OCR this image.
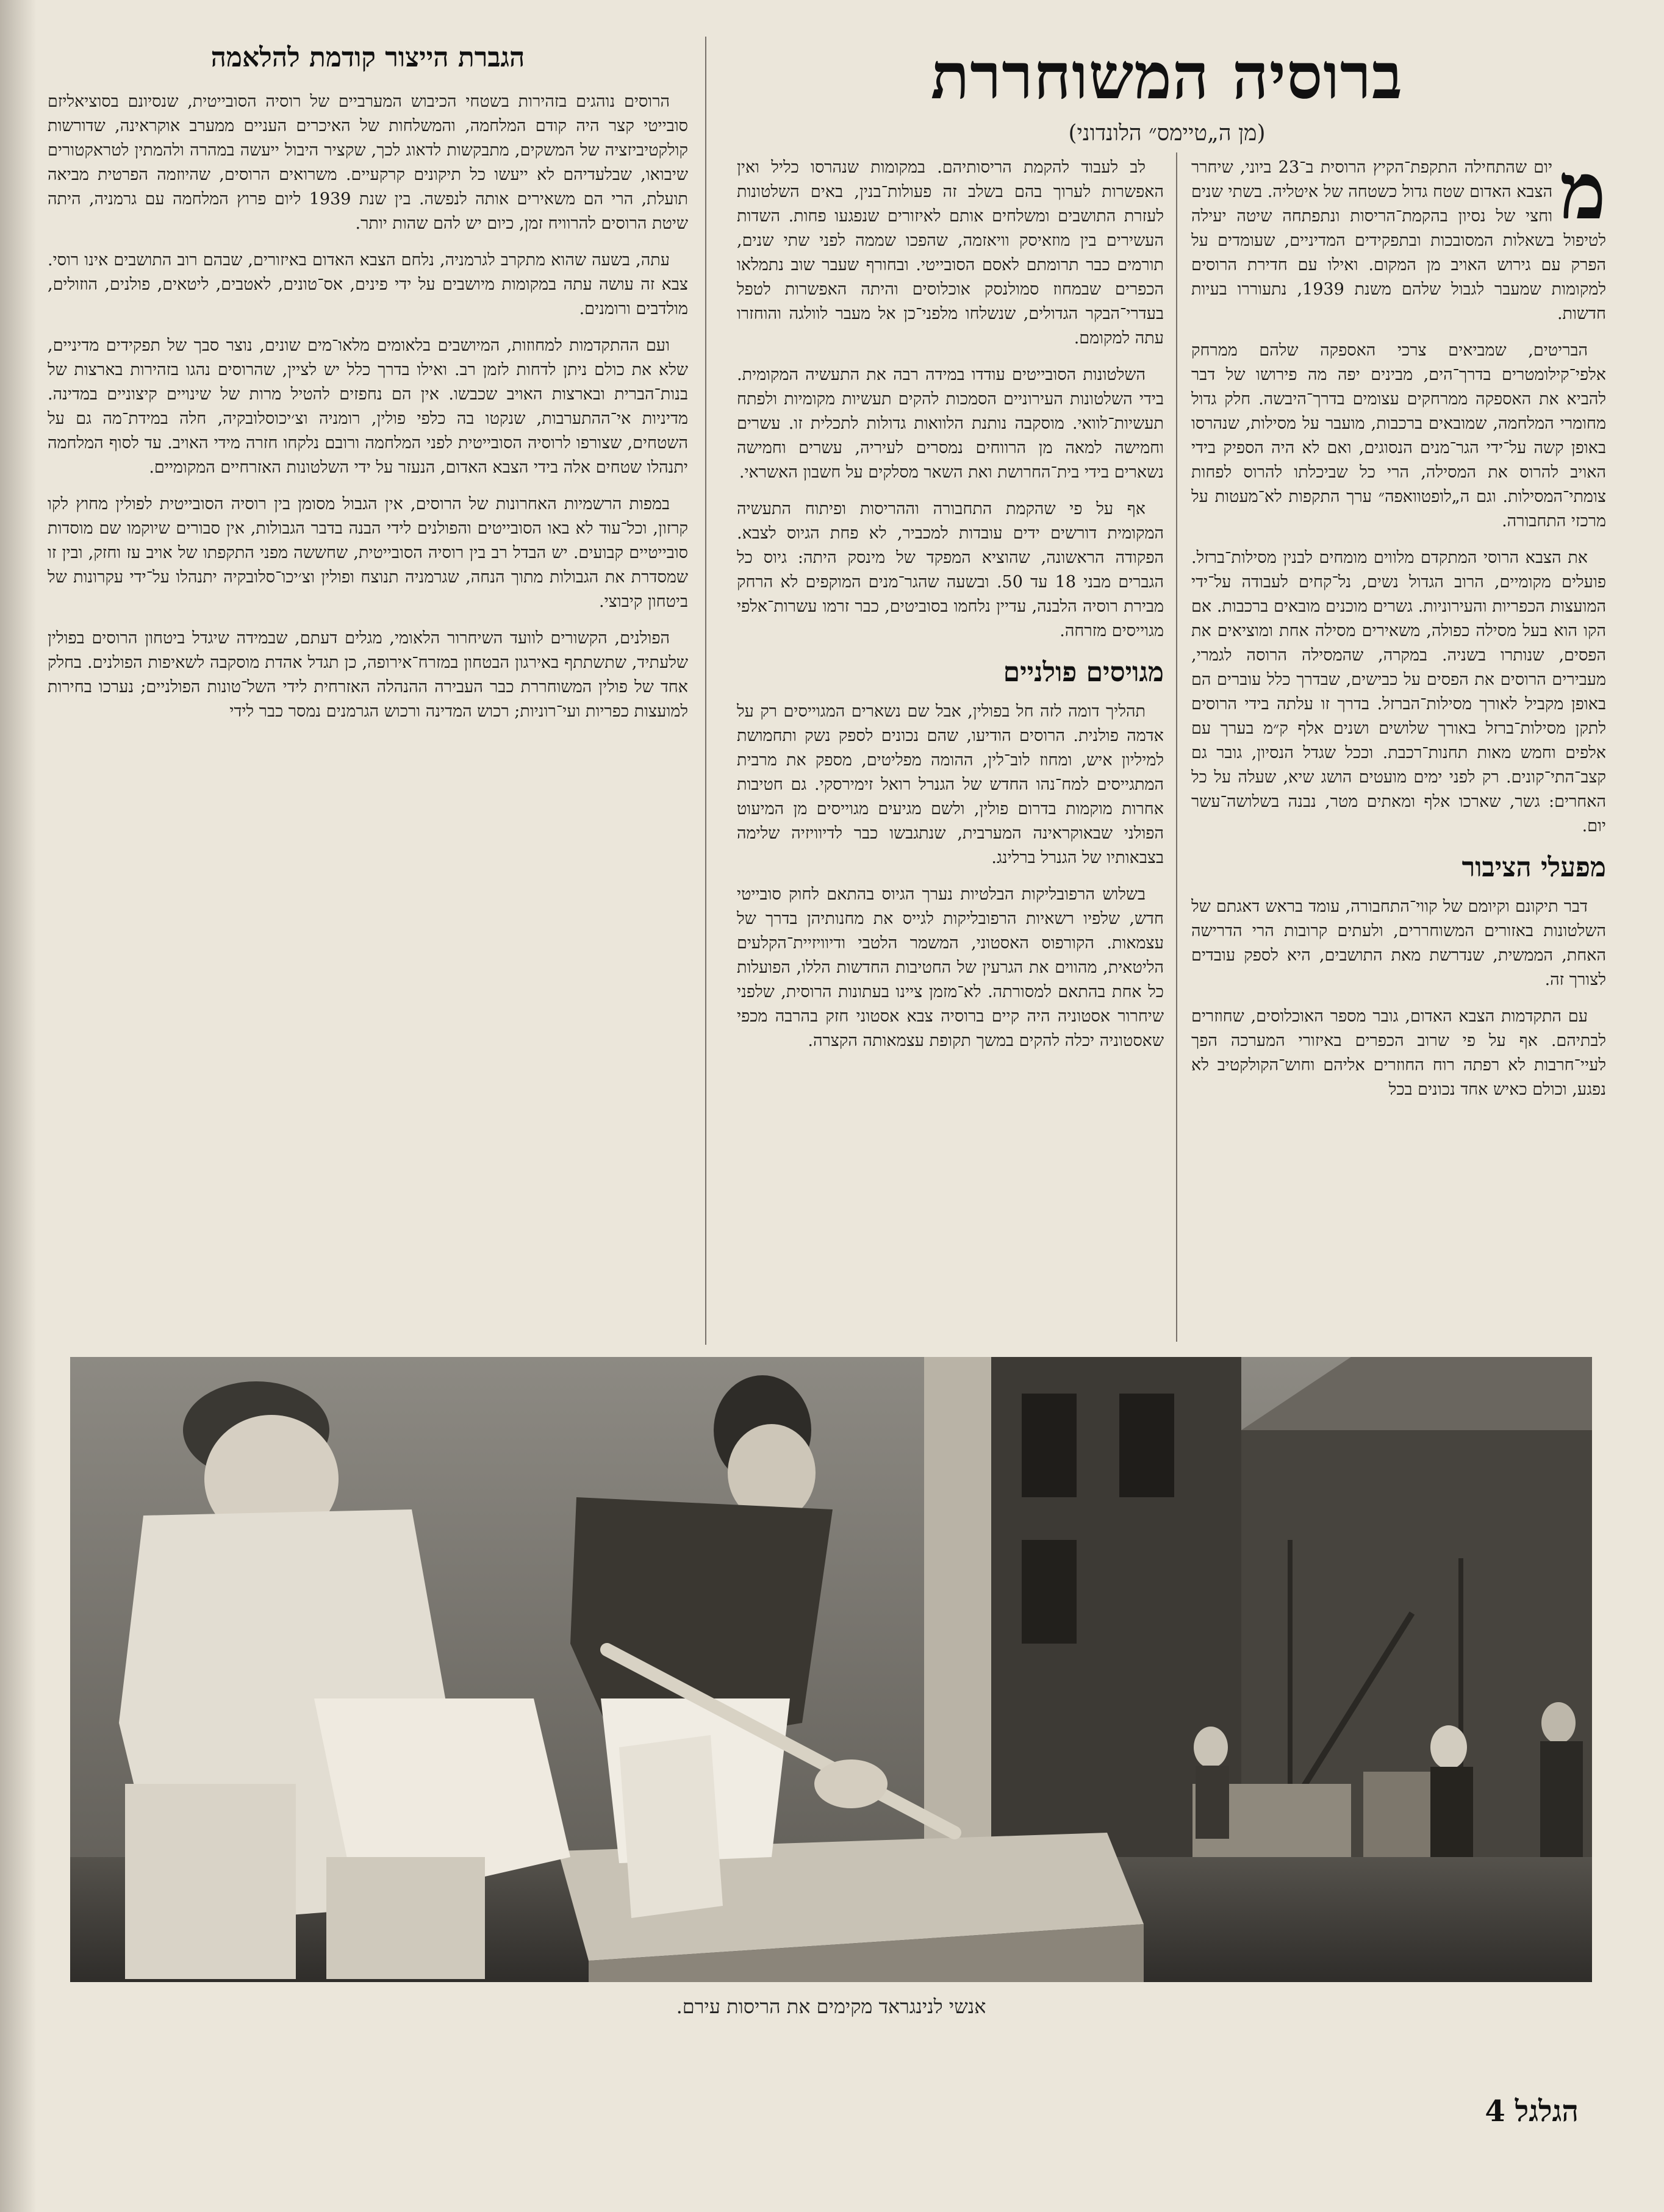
ברוסיה המשוחררת
(מן ה„טיימס״ הלונדוני)

מ
יום שהתחילה התקפת־הקיץ הרוסית ב־23 ביוני, שיחרר הצבא האדום שטח גדול כשטחה של איטליה. בשתי שנים וחצי של נסיון בהקמת־הריסות ונתפתחה שיטה יעילה לטיפול בשאלות המסובכות ובתפקידים המדיניים, שעומדים על הפרק עם גירוש האויב מן המקום. ואילו עם חדירת הרוסים למקומות שמעבר לגבול שלהם משנת 1939, נתעוררו בעיות חדשות.

הבריטים, שמביאים צרכי האספקה שלהם ממרחק אלפי־קילומטרים בדרך־הים, מבינים יפה מה פירושו של דבר להביא את האספקה ממרחקים עצומים בדרך־היבשה. חלק גדול מחומרי המלחמה, שמובאים ברכבות, מועבר על מסילות, שנהרסו באופן קשה על־ידי הגר־מנים הנסוגים, ואם לא היה הספיק בידי האויב להרוס את המסילה, הרי כל שביכלתו להרוס לפחות צומתי־המסילות. וגם ה„לופטוואפה״ ערך התקפות לא־מעטות על מרכזי התחבורה.

את הצבא הרוסי המתקדם מלווים מומחים לבנין מסילות־ברזל. פועלים מקומיים, הרוב הגדול נשים, נל־קחים לעבודה על־ידי המועצות הכפריות והעירוניות. גשרים מוכנים מובאים ברכבות. אם הקו הוא בעל מסילה כפולה, משאירים מסילה אחת ומוציאים את הפסים, שנותרו בשניה. במקרה, שהמסילה הרוסה לגמרי, מעבירים הרוסים את הפסים על כבישים, שבדרך כלל עוברים הם באופן מקביל לאורך מסילות־הברזל. בדרך זו עלתה בידי הרוסים לתקן מסילות־ברזל באורך שלושים ושנים אלף ק״מ בערך עם אלפים וחמש מאות תחנות־רכבת. וככל שגדל הנסיון, גובר גם קצב־התי־קונים. רק לפני ימים מועטים הושג שיא, שעלה על כל האחרים: גשר, שארכו אלף ומאתים מטר, נבנה בשלושה־עשר יום.

מפעלי הציבור

דבר תיקונם וקיומם של קווי־התחבורה, עומד בראש דאגתם של השלטונות באזורים המשוחררים, ולעתים קרובות הרי הדרישה האחת, הממשית, שנדרשת מאת התושבים, היא לספק עובדים לצורך זה.

עם התקדמות הצבא האדום, גובר מספר האוכלוסים, שחוזרים לבתיהם. אף על פי שרוב הכפרים באיזורי המערכה הפך לעיי־חרבות לא רפתה רוח החוזרים אליהם וחוש־הקולקטיב לא נפגע, וכולם כאיש אחד נכונים בכל

לב לעבוד להקמת הריסותיהם. במקומות שנהרסו כליל ואין האפשרות לערוך בהם בשלב זה פעולות־בנין, באים השלטונות לעזרת התושבים ומשלחים אותם לאיזורים שנפגעו פחות. השדות העשירים בין מוזאיסק וויאזמה, שהפכו שממה לפני שתי שנים, תורמים כבר תרומתם לאסם הסובייטי. ובחורף שעבר שוב נתמלאו הכפרים שבמחוז סמולנסק אוכלוסים והיתה האפשרות לטפל בעדרי־הבקר הגדולים, שנשלחו מלפני־כן אל מעבר לוולגה והוחזרו עתה למקומם.

השלטונות הסובייטים עודדו במידה רבה את התעשיה המקומית. בידי השלטונות העירוניים הסמכות להקים תעשיות מקומיות ולפתח תעשיות־לוואי. מוסקבה נותנת הלוואות גדולות לתכלית זו. עשרים וחמישה למאה מן הרווחים נמסרים לעיריה, עשרים וחמישה נשארים בידי בית־החרושת ואת השאר מסלקים על חשבון האשראי.

אף על פי שהקמת התחבורה וההריסות ופיתוח התעשיה המקומית דורשים ידים עובדות למכביר, לא פחת הגיוס לצבא. הפקודה הראשונה, שהוציא המפקד של מינסק היתה: גיוס כל הגברים מבני 18 עד 50. ובשעה שהגר־מנים המוקפים לא הרחק מבירת רוסיה הלבנה, עדיין נלחמו בסוביטים, כבר זרמו עשרות־אלפי מגוייסים מזרחה.

מגויסים פולניים

תהליך דומה לזה חל בפולין, אבל שם נשארים המגוייסים רק על אדמה פולנית. הרוסים הודיעו, שהם נכונים לספק נשק ותחמושת למיליון איש, ומחוז לוב־לין, ההומה מפליטים, מספק את מרבית המתגייסים למח־נהו החדש של הגנרל רואל זימירסקי. גם חטיבות אחרות מוקמות בדרום פולין, ולשם מגיעים מגוייסים מן המיעוט הפולני שבאוקראינה המערבית, שנתגבשו כבר לדיוויזיה שלימה בצבאותיו של הגנרל ברלינג.

בשלוש הרפובליקות הבלטיות נערך הגיוס בהתאם לחוק סובייטי חדש, שלפיו רשאיות הרפובליקות לגייס את מחנותיהן בדרך של עצמאות. הקורפוס האסטוני, המשמר הלטבי ודיוויזיית־הקלעים הליטאית, מהווים את הגרעין של החטיבות החדשות הללו, הפועלות כל אחת בהתאם למסורתה. לא־מזמן ציינו בעתונות הרוסית, שלפני שיחרור אסטוניה היה קיים ברוסיה צבא אסטוני חזק בהרבה מכפי שאסטוניה יכלה להקים במשך תקופת עצמאותה הקצרה.

הגברת הייצור קודמת להלאמה

הרוסים נוהגים בזהירות בשטחי הכיבוש המערביים של רוסיה הסובייטית, שנסיונם בסוציאליזם סובייטי קצר היה קודם המלחמה, והמשלחות של האיכרים העניים ממערב אוקראינה, שדורשות קולקטיביזציה של המשקים, מתבקשות לדאוג לכך, שקציר היבול ייעשה במהרה ולהמתין לטראקטורים שיבואו, שבלעדיהם לא ייעשו כל תיקונים קרקעיים. משרואים הרוסים, שהיוזמה הפרטית מביאה תועלת, הרי הם משאירים אותה לנפשה. בין שנת 1939 ליום פרוץ המלחמה עם גרמניה, היתה שיטת הרוסים להרוויח זמן, כיום יש להם שהות יותר.

עתה, בשעה שהוא מתקרב לגרמניה, נלחם הצבא האדום באיזורים, שבהם רוב התושבים אינו רוסי. צבא זה עושה עתה במקומות מיושבים על ידי פינים, אס־טונים, לאטבים, ליטאים, פולנים, הוזולים, מולדבים ורומנים.

ועם ההתקדמות למחוזות, המיושבים בלאומים מלאו־מים שונים, נוצר סבך של תפקידים מדיניים, שלא את כולם ניתן לדחות לזמן רב. ואילו בדרך כלל יש לציין, שהרוסים נהגו בזהירות בארצות של בנות־הברית ובארצות האויב שכבשו. אין הם נחפזים להטיל מרות של שינויים קיצוניים במדינה. מדיניות אי־ההתערבות, שנקטו בה כלפי פולין, רומניה וצ׳יכוסלובקיה, חלה במידת־מה גם על השטחים, שצורפו לרוסיה הסובייטית לפני המלחמה ורובם נלקחו חזרה מידי האויב. עד לסוף המלחמה יתנהלו שטחים אלה בידי הצבא האדום, הנעזר על ידי השלטונות האזרחיים המקומיים.

במפות הרשמיות האחרונות של הרוסים, אין הגבול מסומן בין רוסיה הסובייטית לפולין מחוץ לקו קרזון, וכל־עוד לא באו הסובייטים והפולנים לידי הבנה בדבר הגבולות, אין סבורים שיוקמו שם מוסדות סובייטיים קבועים. יש הבדל רב בין רוסיה הסובייטית, שחששה מפני התקפתו של אויב עז וחזק, ובין זו שמסדרת את הגבולות מתוך הנחה, שגרמניה תנוצח ופולין וצ׳יכו־סלובקיה יתנהלו על־ידי עקרונות של ביטחון קיבוצי.

הפולנים, הקשורים לוועד השיחרור הלאומי, מגלים דעתם, שבמידה שיגדל ביטחון הרוסים בפולין שלעתיד, שתשתתף באירגון הבטחון במזרח־אירופה, כן תגדל אהדת מוסקבה לשאיפות הפולנים. בחלק אחד של פולין המשוחררת כבר העבירה ההנהלה האזרחית לידי השל־טונות הפולניים; נערכו בחירות למועצות כפריות ועי־רוניות; רכוש המדינה ורכוש הגרמנים נמסר כבר לידי

אנשי לנינגראד מקימים את הריסות עירם.
הגלגל4
